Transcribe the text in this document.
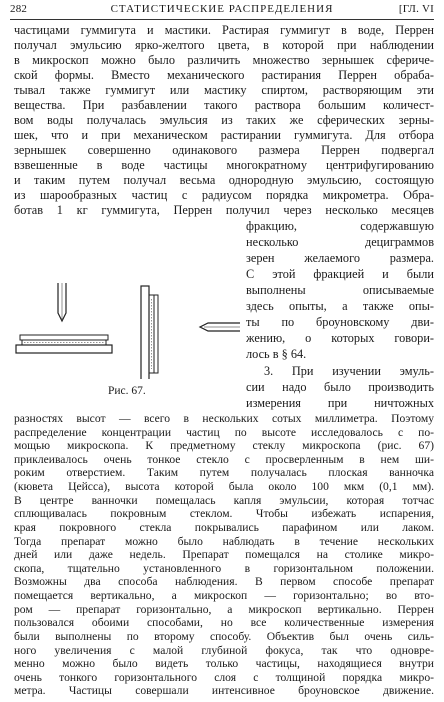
282	СТАТИСТИЧЕСКИЕ РАСПРЕДЕЛЕНИЯ	[ГЛ. VI
частицами гуммигута и мастики. Растирая гуммигут в воде, Перрен
получал эмульсию ярко-желтого цвета, в которой при наблюдении
в микроскоп можно было различить множество зернышек сфериче-
ской формы. Вместо механического растирания Перрен обраба-
тывал также гуммигут или мастику спиртом, растворяющим эти
вещества. При разбавлении такого раствора большим количест-
вом воды получалась эмульсия из таких же сферических зерны-
шек, что и при механическом растирании гуммигута. Для отбора
зернышек совершенно одинакового размера Перрен подвергал
взвешенные в воде частицы многократному центрифугированию
и таким путем получал весьма однородную эмульсию, состоящую
из шарообразных частиц с радиусом порядка микрометра. Обра-
ботав 1 кг гуммигута, Перрен получил через несколько месяцев
фракцию, содержавшую
несколько дециграммов
зерен желаемого размера.
С этой фракцией и были
выполнены описываемые
здесь опыты, а также опы-
ты по броуновскому дви-
жению, о которых говори-
лось в § 64.
3. При изучении эмуль-
сии надо было производить
измерения при ничтожных
Рис. 67.
разностях высот — всего в нескольких сотых миллиметра. Поэтому
распределение концентрации частиц по высоте исследовалось с по-
мощью микроскопа. К предметному стеклу микроскопа (рис. 67)
приклеивалось очень тонкое стекло с просверленным в нем ши-
роким отверстием. Таким путем получалась плоская ванночка
(кювета Цейсса), высота которой была около 100 мкм (0,1 мм).
В центре ванночки помещалась капля эмульсии, которая тотчас
сплющивалась покровным стеклом. Чтобы избежать испарения,
края покровного стекла покрывались парафином или лаком.
Тогда препарат можно было наблюдать в течение нескольких
дней или даже недель. Препарат помещался на столике микро-
скопа, тщательно установленного в горизонтальном положении.
Возможны два способа наблюдения. В первом способе препарат
помещается вертикально, а микроскоп — горизонтально; во вто-
ром — препарат горизонтально, а микроскоп вертикально. Перрен
пользовался обоими способами, но все количественные измерения
были выполнены по второму способу. Объектив был очень силь-
ного увеличения с малой глубиной фокуса, так что одновре-
менно можно было видеть только частицы, находящиеся внутри
очень тонкого горизонтального слоя с толщиной порядка микро-
метра. Частицы совершали интенсивное броуновское движение.
